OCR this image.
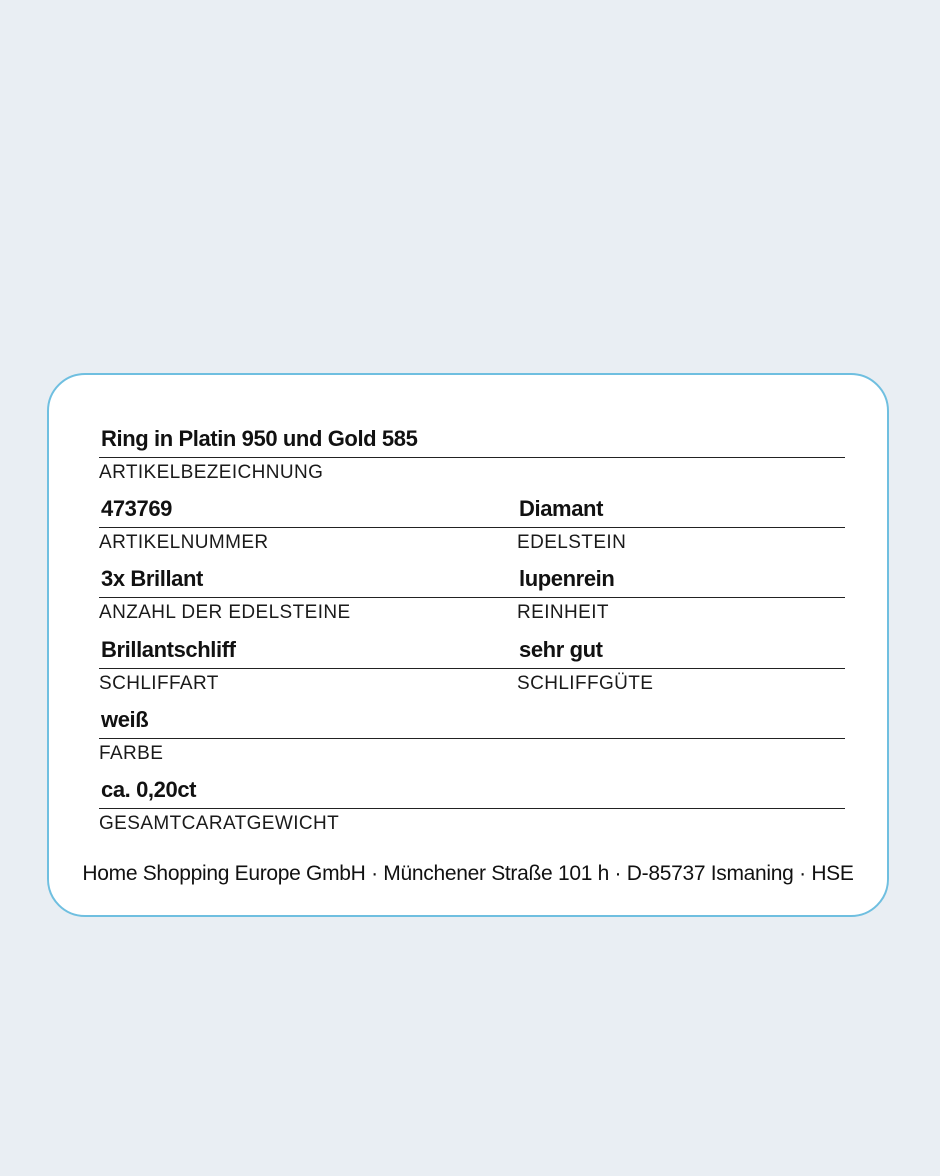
Ring in Platin 950 und Gold 585
ARTIKELBEZEICHNUNG
473769
ARTIKELNUMMER
Diamant
EDELSTEIN
3x Brillant
ANZAHL DER EDELSTEINE
lupenrein
REINHEIT
Brillantschliff
SCHLIFFART
sehr gut
SCHLIFFGÜTE
weiß
FARBE
ca. 0,20ct
GESAMTCARATGEWICHT
Home Shopping Europe GmbH · Münchener Straße 101 h · D-85737 Ismaning · HSE
